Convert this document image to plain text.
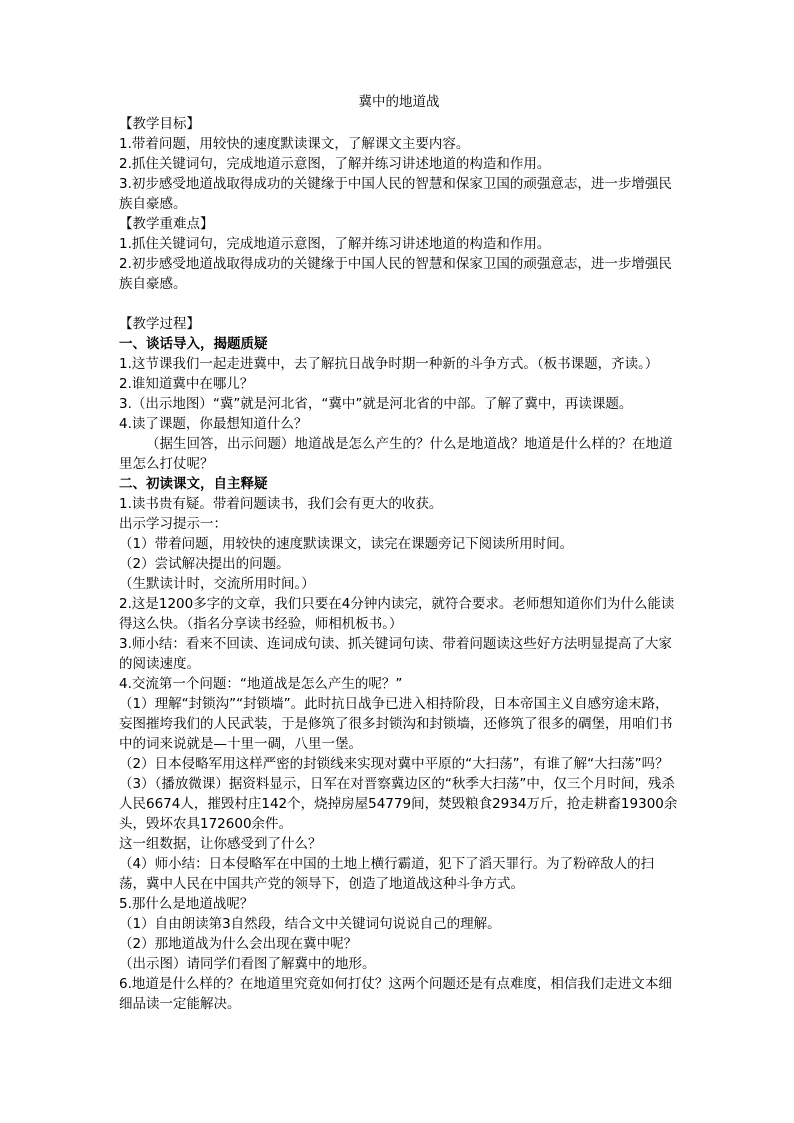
冀中的地道战

【教学目标】

1.带着问题，用较快的速度默读课文，了解课文主要内容。

2.抓住关键词句，完成地道示意图，了解并练习讲述地道的构造和作用。

3.初步感受地道战取得成功的关键缘于中国人民的智慧和保家卫国的顽强意志，进一步增强民族自豪感。

【教学重难点】

1.抓住关键词句，完成地道示意图，了解并练习讲述地道的构造和作用。

2.初步感受地道战取得成功的关键缘于中国人民的智慧和保家卫国的顽强意志，进一步增强民族自豪感。

【教学过程】

一、谈话导入，揭题质疑

1.这节课我们一起走进冀中，去了解抗日战争时期一种新的斗争方式。（板书课题，齐读。）

2.谁知道冀中在哪儿？

3.（出示地图）“冀”就是河北省，“冀中”就是河北省的中部。了解了冀中，再读课题。

4.读了课题，你最想知道什么？

（据生回答，出示问题）地道战是怎么产生的？什么是地道战？地道是什么样的？在地道里怎么打仗呢？

二、初读课文，自主释疑

1.读书贵有疑。带着问题读书，我们会有更大的收获。

出示学习提示一：

（1）带着问题，用较快的速度默读课文，读完在课题旁记下阅读所用时间。

（2）尝试解决提出的问题。

（生默读计时，交流所用时间。）

2.这是1200多字的文章，我们只要在4分钟内读完，就符合要求。老师想知道你们为什么能读得这么快。（指名分享读书经验，师相机板书。）

3.师小结：看来不回读、连词成句读、抓关键词句读、带着问题读这些好方法明显提高了大家的阅读速度。

4.交流第一个问题：“地道战是怎么产生的呢？”

（1）理解“封锁沟”“封锁墙”。此时抗日战争已进入相持阶段，日本帝国主义自感穷途末路，妄图摧垮我们的人民武装，于是修筑了很多封锁沟和封锁墙，还修筑了很多的碉堡，用咱们书中的词来说就是—十里一碉，八里一堡。

（2）日本侵略军用这样严密的封锁线来实现对冀中平原的“大扫荡”，有谁了解“大扫荡”吗？

（3）（播放微课）据资料显示，日军在对晋察冀边区的“秋季大扫荡”中，仅三个月时间，残杀人民6674人，摧毁村庄142个，烧掉房屋54779间，焚毁粮食2934万斤，抢走耕畜19300余头，毁坏农具172600余件。

这一组数据，让你感受到了什么？

（4）师小结：日本侵略军在中国的土地上横行霸道，犯下了滔天罪行。为了粉碎敌人的扫荡，冀中人民在中国共产党的领导下，创造了地道战这种斗争方式。

5.那什么是地道战呢？

（1）自由朗读第3自然段，结合文中关键词句说说自己的理解。

（2）那地道战为什么会出现在冀中呢？

（出示图）请同学们看图了解冀中的地形。

6.地道是什么样的？在地道里究竟如何打仗？这两个问题还是有点难度，相信我们走进文本细细品读一定能解决。
